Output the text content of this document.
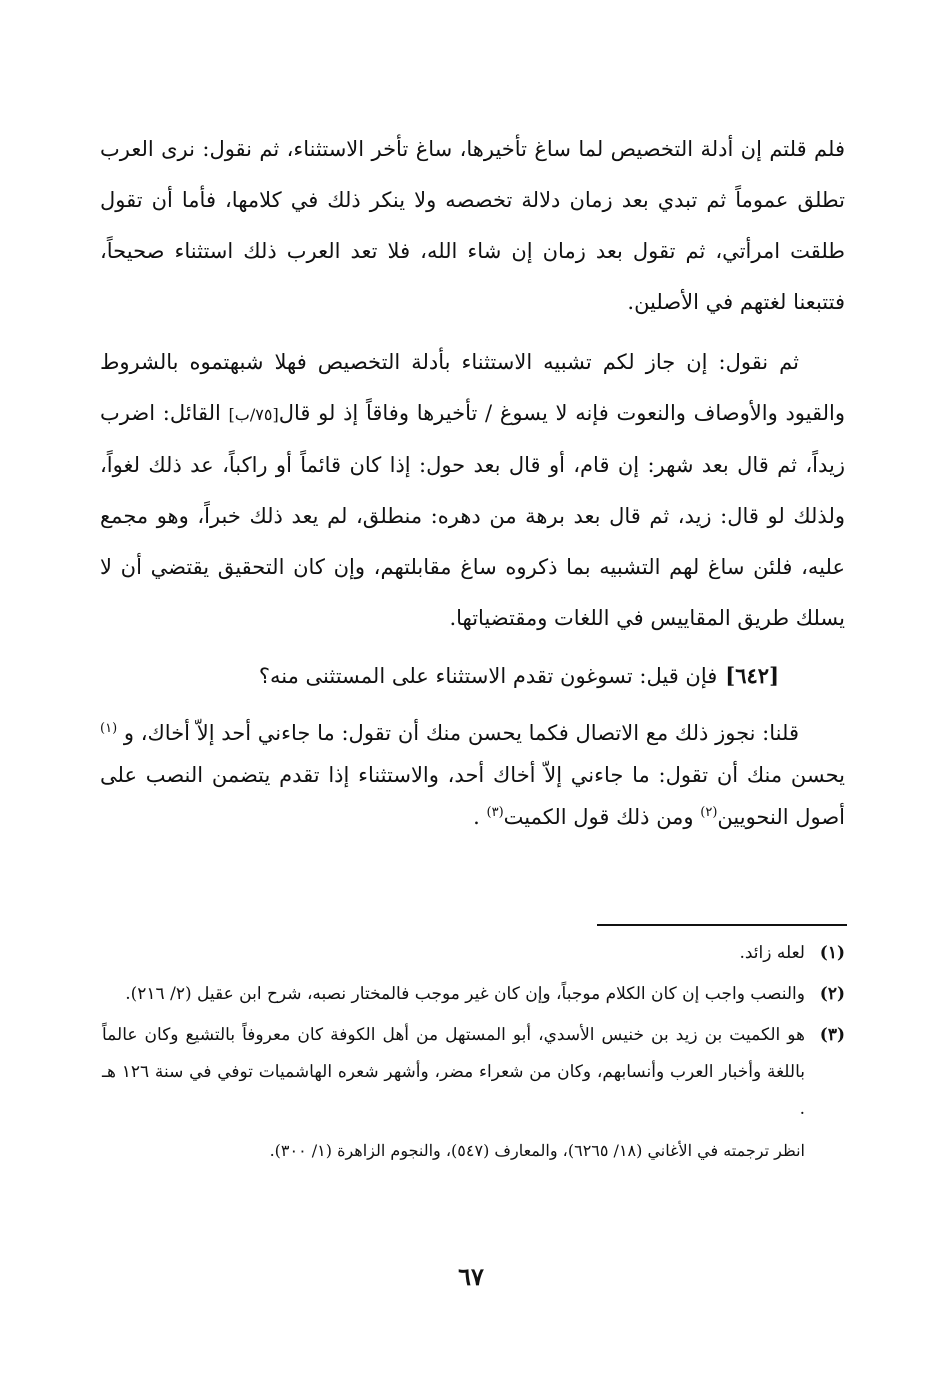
فلم قلتم إن أدلة التخصيص لما ساغ تأخيرها، ساغ تأخر الاستثناء، ثم نقول: نرى العرب تطلق عموماً ثم تبدي بعد زمان دلالة تخصصه ولا ينكر ذلك في كلامها، فأما أن تقول طلقت امرأتي، ثم تقول بعد زمان إن شاء الله، فلا تعد العرب ذلك استثناء صحيحاً، فتتبعنا لغتهم في الأصلين.

ثم نقول: إن جاز لكم تشبيه الاستثناء بأدلة التخصيص فهلا شبهتموه بالشروط والقيود والأوصاف والنعوت فإنه لا يسوغ / تأخيرها وفاقاً إذ لو قال[٧٥/ب] القائل: اضرب زيداً، ثم قال بعد شهر: إن قام، أو قال بعد حول: إذا كان قائماً أو راكباً، عد ذلك لغواً، ولذلك لو قال: زيد، ثم قال بعد برهة من دهره: منطلق، لم يعد ذلك خبراً، وهو مجمع عليه، فلئن ساغ لهم التشبيه بما ذكروه ساغ مقابلتهم، وإن كان التحقيق يقتضي أن لا يسلك طريق المقاييس في اللغات ومقتضياتها.

[٦٤٢]فإن قيل: تسوغون تقدم الاستثناء على المستثنى منه؟

قلنا: نجوز ذلك مع الاتصال فكما يحسن منك أن تقول: ما جاءني أحد إلاّ أخاك، و $^{(١)}$ يحسن منك أن تقول: ما جاءني إلاّ أخاك أحد، والاستثناء إذا تقدم يتضمن النصب على أصول النحويين$^{(٢)}$ ومن ذلك قول الكميت$^{(٣)}$ .

(١)
لعله زائد.
(٢)
والنصب واجب إن كان الكلام موجباً، وإن كان غير موجب فالمختار نصبه، شرح ابن عقيل (٢/ ٢١٦).
(٣)
هو الكميت بن زيد بن خنيس الأسدي، أبو المستهل من أهل الكوفة كان معروفاً بالتشيع وكان عالماً باللغة وأخبار العرب وأنسابهم، وكان من شعراء مضر، وأشهر شعره الهاشميات توفي في سنة ١٢٦ هـ .
انظر ترجمته في الأغاني (١٨/ ٦٢٦٥)، والمعارف (٥٤٧)، والنجوم الزاهرة (١/ ٣٠٠).
٦٧
